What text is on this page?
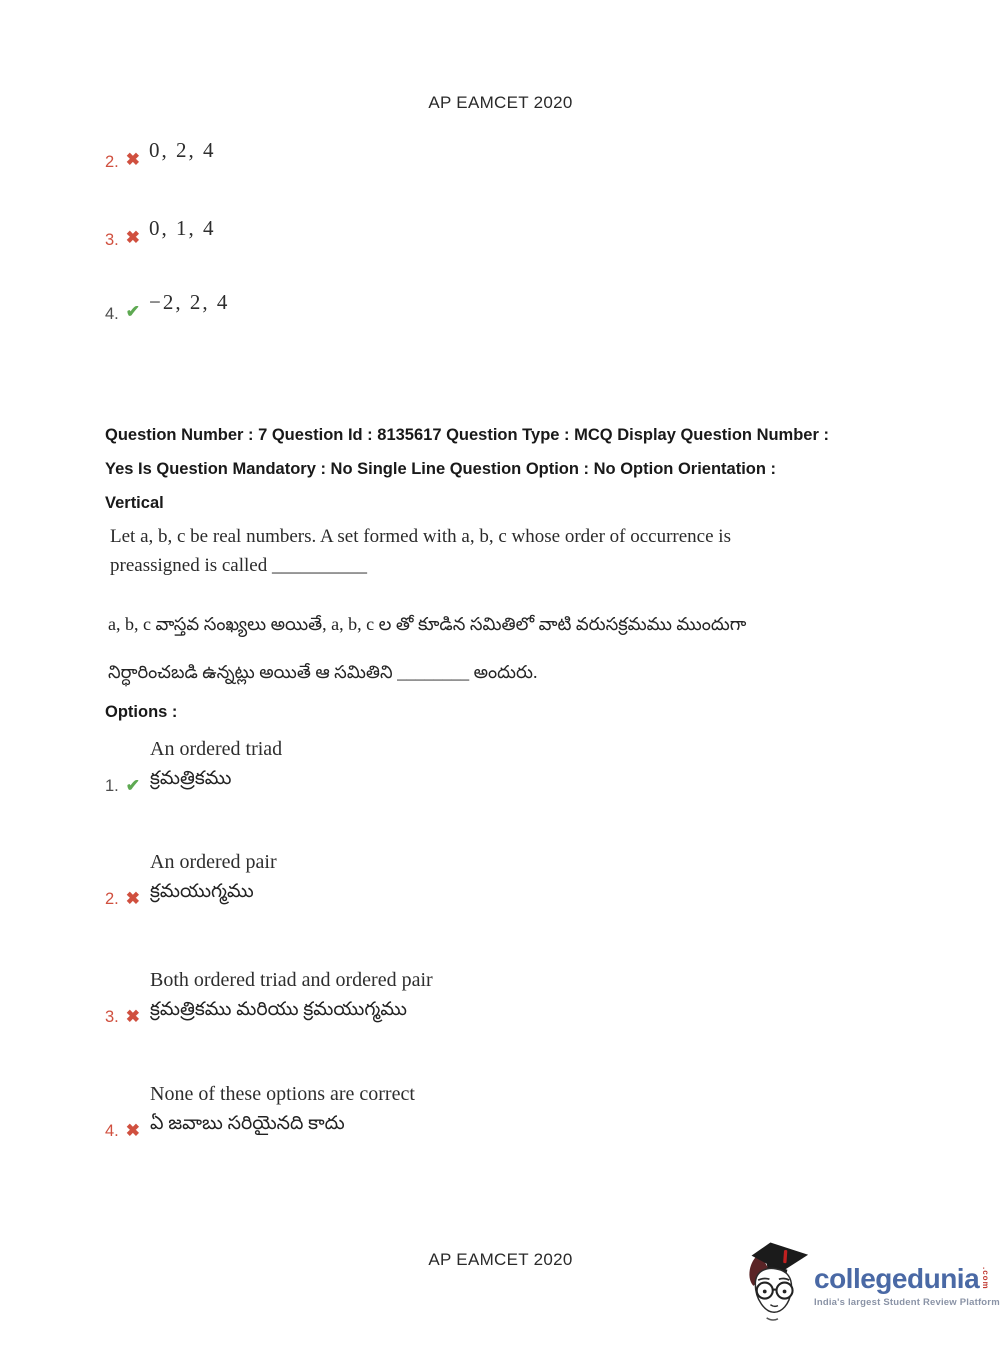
AP EAMCET 2020
2. ✖ 0, 2, 4
3. ✖ 0, 1, 4
4. ✔ −2, 2, 4
Question Number : 7 Question Id : 8135617 Question Type : MCQ Display Question Number :
Yes Is Question Mandatory : No Single Line Question Option : No Option Orientation :
Vertical
Let a, b, c be real numbers. A set formed with a, b, c whose order of occurrence is
preassigned is called __________
a, b, c వాస్తవ సంఖ్యలు అయితే, a, b, c ల తో కూడిన సమితిలో వాటి వరుసక్రమము ముందుగా
నిర్ధారించబడి ఉన్నట్లు అయితే ఆ సమితిని ________ అందురు.
Options :
An ordered triad
క్రమత్రికము
1. ✔
An ordered pair
క్రమయుగ్మము
2. ✖
Both ordered triad and ordered pair
క్రమత్రికము మరియు క్రమయుగ్మము
3. ✖
None of these options are correct
ఏ జవాబు సరియైనది కాదు
4. ✖
AP EAMCET 2020
collegedunia .com
India's largest Student Review Platform
